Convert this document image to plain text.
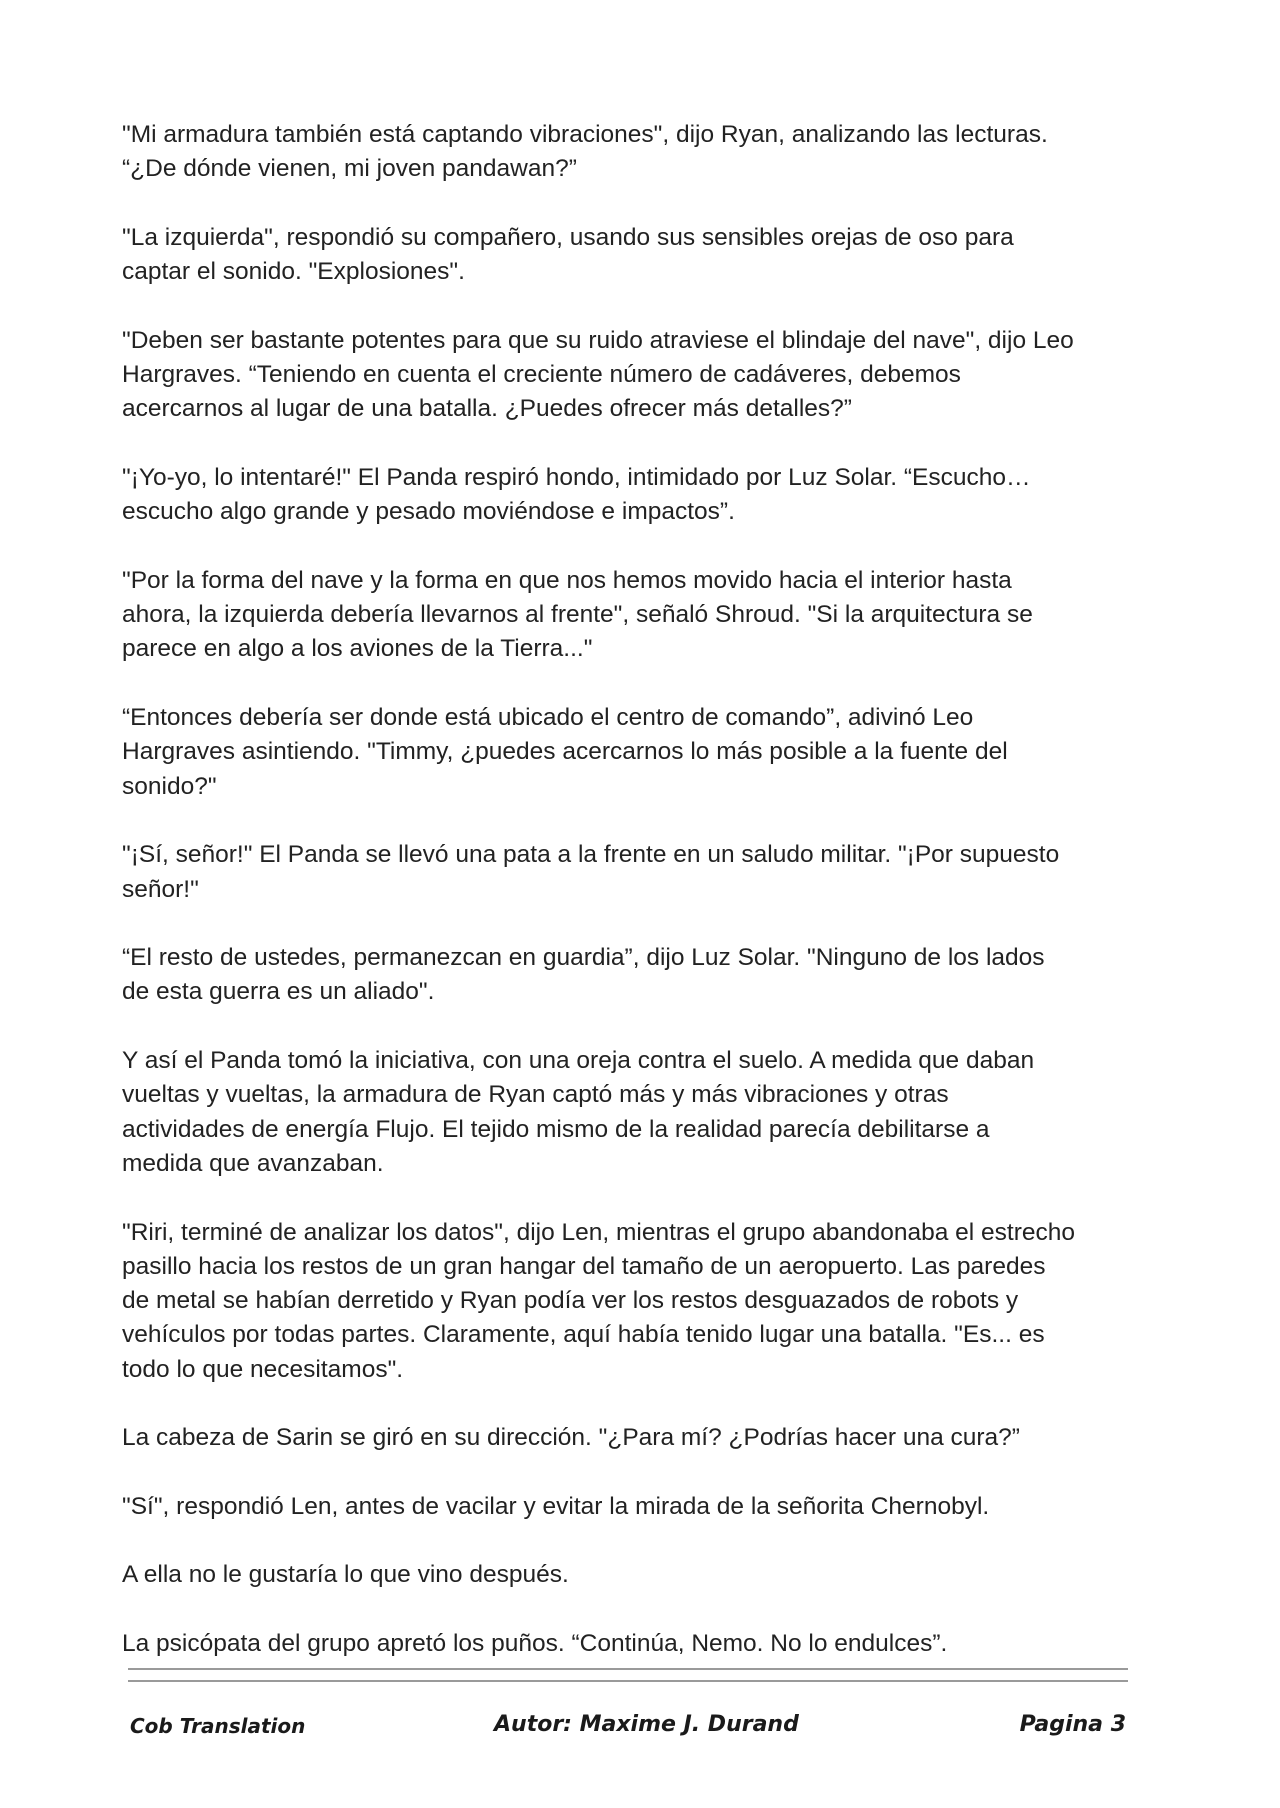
"Mi armadura también está captando vibraciones", dijo Ryan, analizando las lecturas.
“¿De dónde vienen, mi joven pandawan?”

"La izquierda", respondió su compañero, usando sus sensibles orejas de oso para
captar el sonido. "Explosiones".

"Deben ser bastante potentes para que su ruido atraviese el blindaje del nave", dijo Leo
Hargraves. “Teniendo en cuenta el creciente número de cadáveres, debemos
acercarnos al lugar de una batalla. ¿Puedes ofrecer más detalles?”

"¡Yo-yo, lo intentaré!" El Panda respiró hondo, intimidado por Luz Solar. “Escucho…
escucho algo grande y pesado moviéndose e impactos”.

"Por la forma del nave y la forma en que nos hemos movido hacia el interior hasta
ahora, la izquierda debería llevarnos al frente", señaló Shroud. "Si la arquitectura se
parece en algo a los aviones de la Tierra..."

“Entonces debería ser donde está ubicado el centro de comando”, adivinó Leo
Hargraves asintiendo. "Timmy, ¿puedes acercarnos lo más posible a la fuente del
sonido?"

"¡Sí, señor!" El Panda se llevó una pata a la frente en un saludo militar. "¡Por supuesto
señor!"

“El resto de ustedes, permanezcan en guardia”, dijo Luz Solar. "Ninguno de los lados
de esta guerra es un aliado".

Y así el Panda tomó la iniciativa, con una oreja contra el suelo. A medida que daban
vueltas y vueltas, la armadura de Ryan captó más y más vibraciones y otras
actividades de energía Flujo. El tejido mismo de la realidad parecía debilitarse a
medida que avanzaban.

"Riri, terminé de analizar los datos", dijo Len, mientras el grupo abandonaba el estrecho
pasillo hacia los restos de un gran hangar del tamaño de un aeropuerto. Las paredes
de metal se habían derretido y Ryan podía ver los restos desguazados de robots y
vehículos por todas partes. Claramente, aquí había tenido lugar una batalla. "Es... es
todo lo que necesitamos".

La cabeza de Sarin se giró en su dirección. "¿Para mí? ¿Podrías hacer una cura?”

"Sí", respondió Len, antes de vacilar y evitar la mirada de la señorita Chernobyl.

A ella no le gustaría lo que vino después.

La psicópata del grupo apretó los puños. “Continúa, Nemo. No lo endulces”.

Cob Translation	Autor: Maxime J. Durand	Pagina 3
